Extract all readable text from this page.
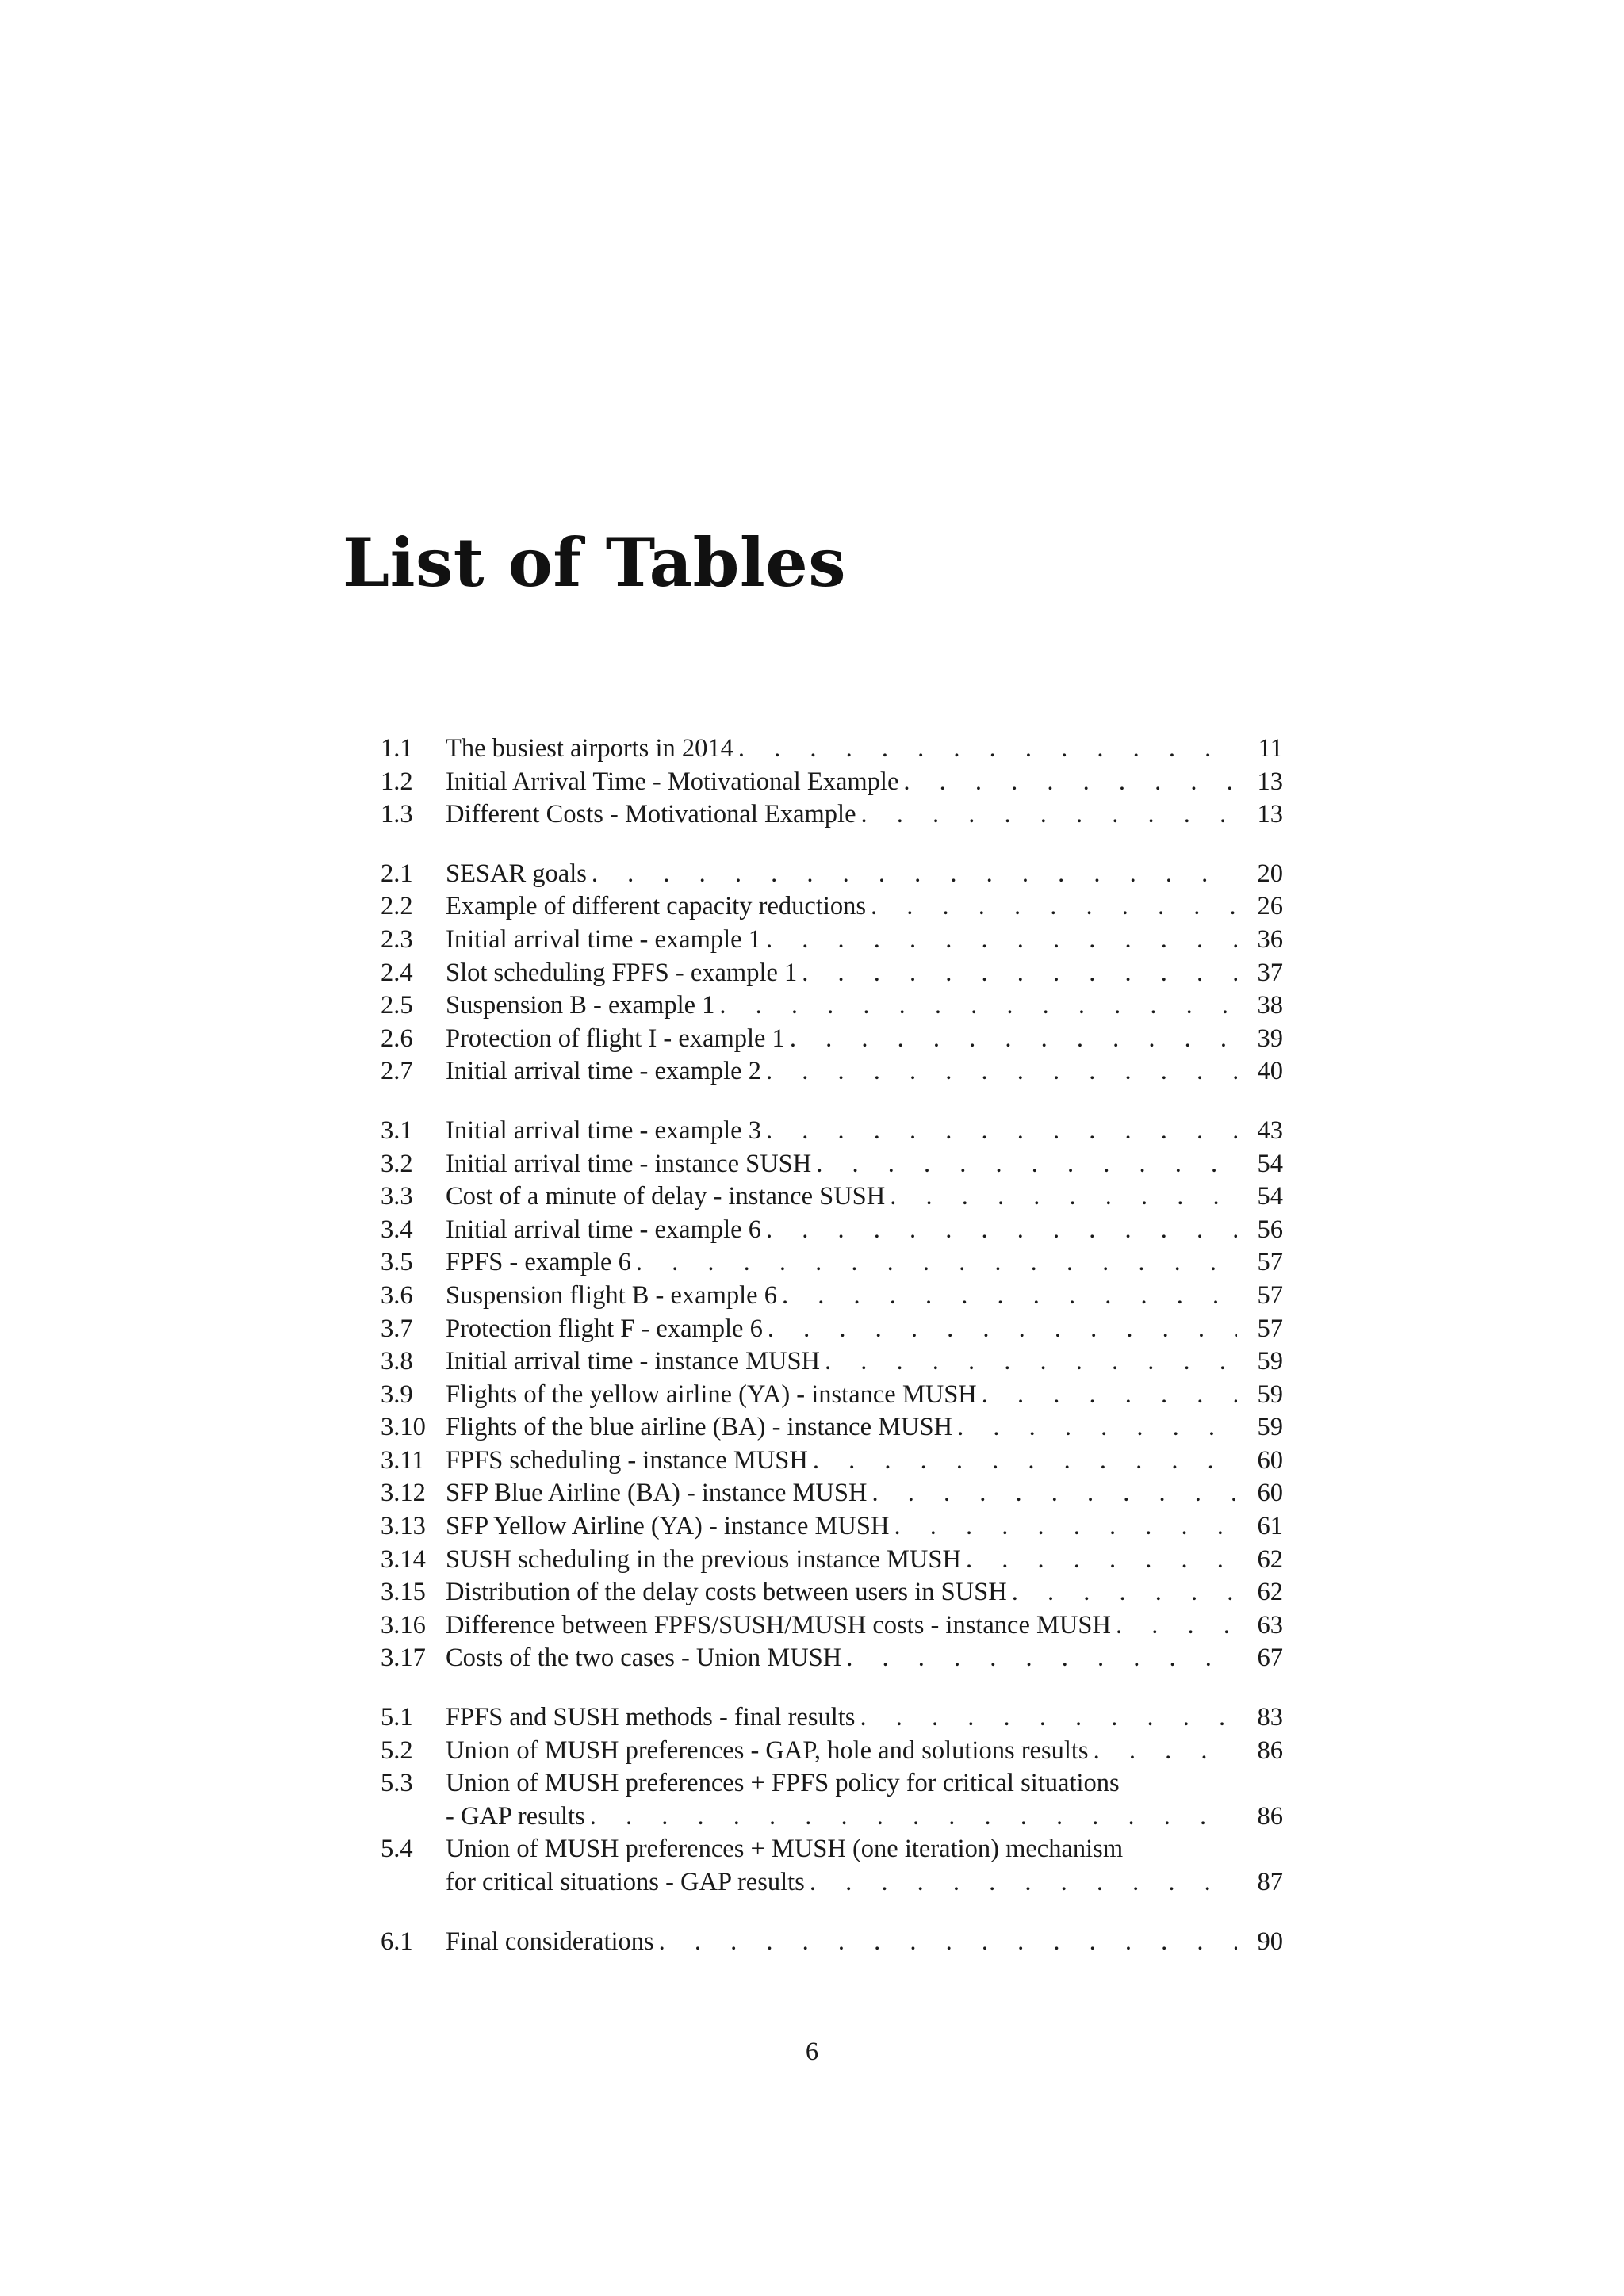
List of Tables
1.1	The busiest airports in 2014 . . .	11
1.2	Initial Arrival Time - Motivational Example . . .	13
1.3	Different Costs - Motivational Example . . .	13
2.1	SESAR goals . . .	20
2.2	Example of different capacity reductions . . .	26
2.3	Initial arrival time - example 1 . . .	36
2.4	Slot scheduling FPFS - example 1 . . .	37
2.5	Suspension B - example 1 . . .	38
2.6	Protection of flight I - example 1 . . .	39
2.7	Initial arrival time - example 2 . . .	40
3.1	Initial arrival time - example 3 . . .	43
3.2	Initial arrival time - instance SUSH . . .	54
3.3	Cost of a minute of delay - instance SUSH . . .	54
3.4	Initial arrival time - example 6 . . .	56
3.5	FPFS - example 6 . . .	57
3.6	Suspension flight B - example 6 . . .	57
3.7	Protection flight F - example 6 . . .	57
3.8	Initial arrival time - instance MUSH . . .	59
3.9	Flights of the yellow airline (YA) - instance MUSH . . .	59
3.10 Flights of the blue airline (BA) - instance MUSH . . .	59
3.11 FPFS scheduling - instance MUSH . . .	60
3.12 SFP Blue Airline (BA) - instance MUSH . . .	60
3.13 SFP Yellow Airline (YA) - instance MUSH . . .	61
3.14 SUSH scheduling in the previous instance MUSH . . .	62
3.15 Distribution of the delay costs between users in SUSH . . .	62
3.16 Difference between FPFS/SUSH/MUSH costs - instance MUSH . . .	63
3.17 Costs of the two cases - Union MUSH . . .	67
5.1	FPFS and SUSH methods - final results . . .	83
5.2	Union of MUSH preferences - GAP, hole and solutions results . . .	86
5.3	Union of MUSH preferences + FPFS policy for critical situations
- GAP results . . .	86
5.4	Union of MUSH preferences + MUSH (one iteration) mechanism
for critical situations - GAP results . . .	87
6.1	Final considerations . . .	90
6
